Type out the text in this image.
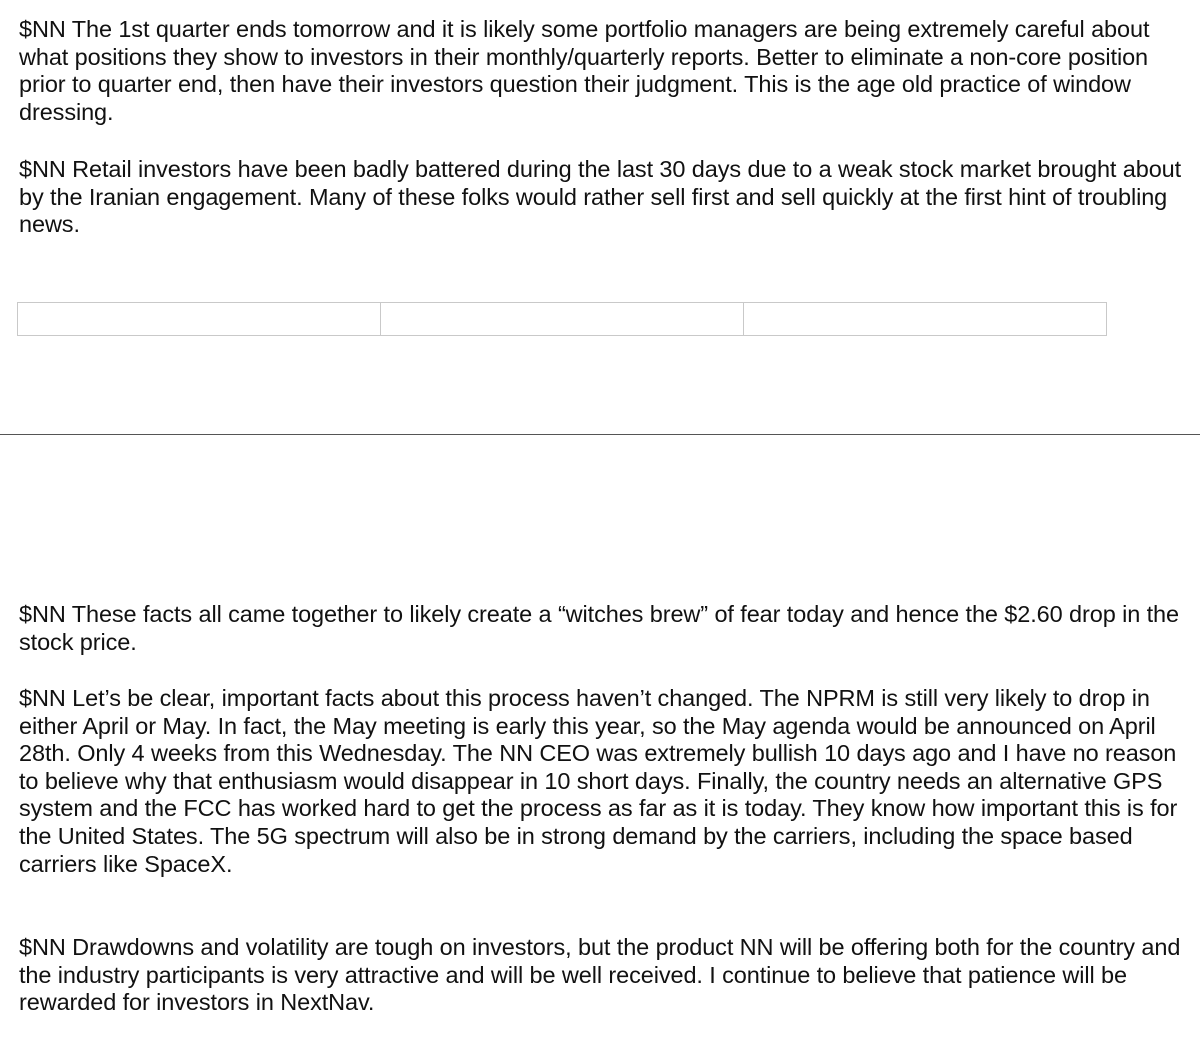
$NN The 1st quarter ends tomorrow and it is likely some portfolio managers are being extremely careful about what positions they show to investors in their monthly/quarterly reports. Better to eliminate a non-core position prior to quarter end, then have their investors question their judgment. This is the age old practice of window dressing.

$NN Retail investors have been badly battered during the last 30 days due to a weak stock market brought about by the Iranian engagement. Many of these folks would rather sell first and sell quickly at the first hint of troubling news.

$NN These facts all came together to likely create a “witches brew” of fear today and hence the $2.60 drop in the stock price.

$NN Let’s be clear, important facts about this process haven’t changed. The NPRM is still very likely to drop in either April or May. In fact, the May meeting is early this year, so the May agenda would be announced on April 28th. Only 4 weeks from this Wednesday. The NN CEO was extremely bullish 10 days ago and I have no reason to believe why that enthusiasm would disappear in 10 short days. Finally, the country needs an alternative GPS system and the FCC has worked hard to get the process as far as it is today. They know how important this is for the United States. The 5G spectrum will also be in strong demand by the carriers, including the space based carriers like SpaceX.

$NN Drawdowns and volatility are tough on investors, but the product NN will be offering both for the country and the industry participants is very attractive and will be well received. I continue to believe that patience will be rewarded for investors in NextNav.
